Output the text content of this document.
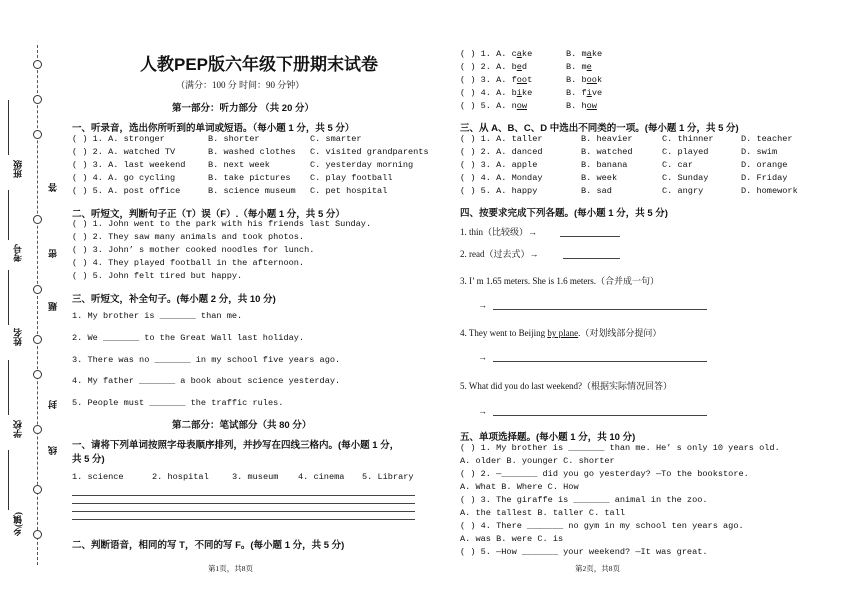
答
密
题
封
线
班级
考号
姓名
学校
乡(镇)
人教PEP版六年级下册期末试卷
（满分：100 分 时间：90 分钟）
第一部分：听力部分 （共 20 分）
一、听录音，选出你所听到的单词或短语。（每小题 1 分，共 5 分）
( ) 1. A. stronger	B. shorter	C. smarter
( ) 2. A. watched TV	B. washed clothes C. visited grandparents
( ) 3. A. last weekend	B. next week	C. yesterday morning
( ) 4. A. go cycling	B. take pictures C. play football
( ) 5. A. post office	B. science museum C. pet hospital
二、听短文，判断句子正（T）误（F）.（每小题 1 分，共 5 分）
( ) 1. John went to the park with his friends last Sunday.
( ) 2. They saw many animals and took photos.
( ) 3. John’ s mother cooked noodles for lunch.
( ) 4. They played football in the afternoon.
( ) 5. John felt tired but happy.
三、听短文，补全句子。(每小题 2 分，共 10 分)
1. My brother is _______ than me.
2. We _______ to the Great Wall last holiday.
3. There was no _______ in my school five years ago.
4. My father _______ a book about science yesterday.
5. People must _______ the traffic rules.
第二部分：笔试部分（共 80 分）
一、请将下列单词按照字母表顺序排列，并抄写在四线三格内。(每小题 1 分，
共 5 分)
1. science	2. hospital	3. museum 4. cinema 5. Library
二、判断语音，相同的写 T，不同的写 F。(每小题 1 分，共 5 分)
第1页，共8页
( ) 1. A. cake	B. make
( ) 2. A. bed	B. me
( ) 3. A. foot	B. book
( ) 4. A. bike	B. five
( ) 5. A. now	B. how
三、从 A、B、C、D 中选出不同类的一项。(每小题 1 分，共 5 分)
( ) 1. A. taller	B. heavier	C. thinner	D. teacher
( ) 2. A. danced	B. watched	C. played	D. swim
( ) 3. A. apple	B. banana	C. car	D. orange
( ) 4. A. Monday	B. week	C. Sunday	D. Friday
( ) 5. A. happy	B. sad	C. angry	D. homework
四、按要求完成下列各题。(每小题 1 分，共 5 分)
1. thin（比较级）→
2. read（过去式）→
3. I’ m 1.65 meters. She is 1.6 meters.（合并成一句）
→
4. They went to Beijing by plane.（对划线部分提问）
→
5. What did you do last weekend?（根据实际情况回答）
→
五、单项选择题。(每小题 1 分，共 10 分)
( ) 1. My brother is _______ than me. He’ s only 10 years old.
A. older B. younger C. shorter
( ) 2. —_______ did you go yesterday? —To the bookstore.
A. What B. Where C. How
( ) 3. The giraffe is _______ animal in the zoo.
A. the tallest B. taller C. tall
( ) 4. There _______ no gym in my school ten years ago.
A. was B. were C. is
( ) 5. —How _______ your weekend? —It was great.
第2页，共8页
